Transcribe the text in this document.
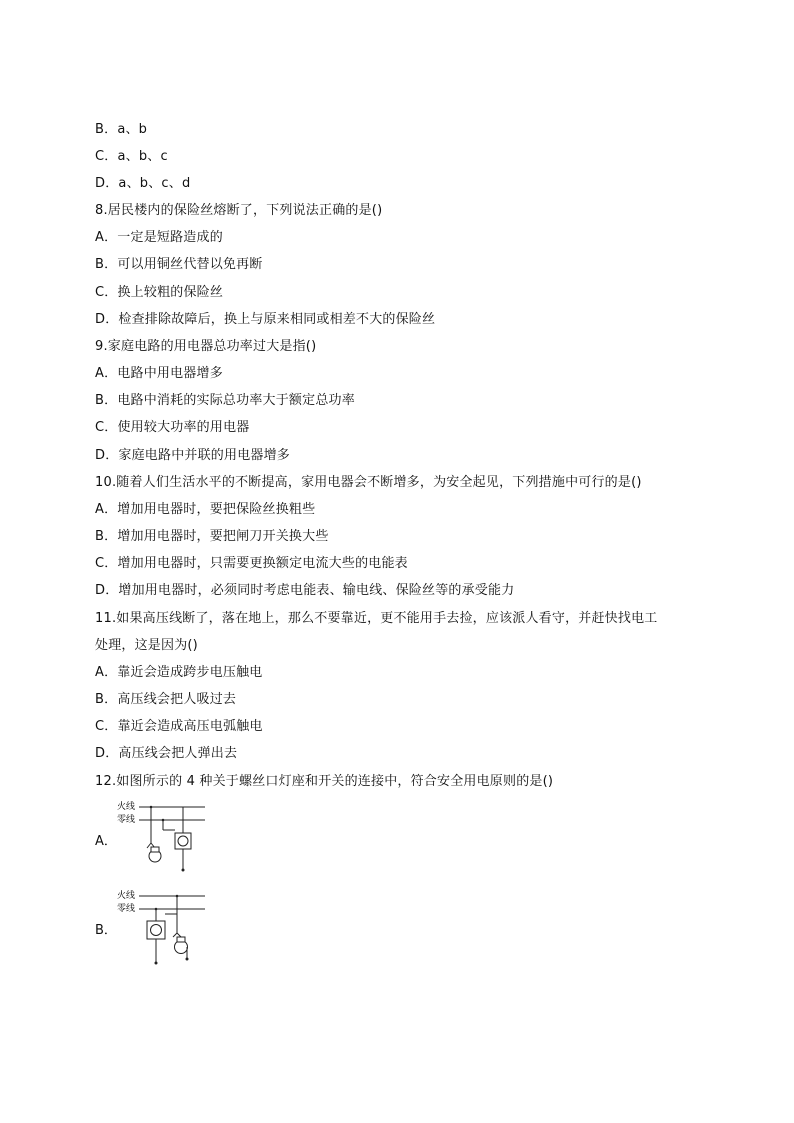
B．a、b
C．a、b、c
D．a、b、c、d
8.居民楼内的保险丝熔断了，下列说法正确的是()
A．一定是短路造成的
B．可以用铜丝代替以免再断
C．换上较粗的保险丝
D．检查排除故障后，换上与原来相同或相差不大的保险丝
9.家庭电路的用电器总功率过大是指()
A．电路中用电器增多
B．电路中消耗的实际总功率大于额定总功率
C．使用较大功率的用电器
D．家庭电路中并联的用电器增多
10.随着人们生活水平的不断提高，家用电器会不断增多，为安全起见，下列措施中可行的是()
A．增加用电器时，要把保险丝换粗些
B．增加用电器时，要把闸刀开关换大些
C．增加用电器时，只需要更换额定电流大些的电能表
D．增加用电器时，必须同时考虑电能表、输电线、保险丝等的承受能力
11.如果高压线断了，落在地上，那么不要靠近，更不能用手去捡，应该派人看守，并赶快找电工
处理，这是因为()
A．靠近会造成跨步电压触电
B．高压线会把人吸过去
C．靠近会造成高压电弧触电
D．高压线会把人弹出去
12.如图所示的 4 种关于螺丝口灯座和开关的连接中，符合安全用电原则的是()
A．
火线
零线
B．
火线
零线
